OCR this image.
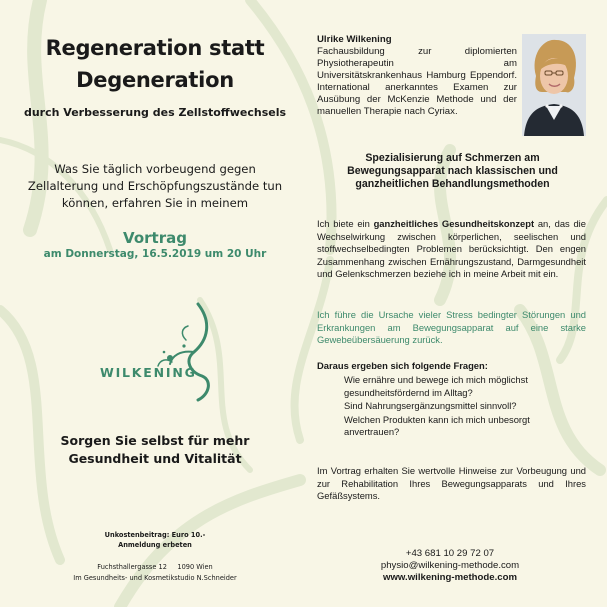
Regeneration statt Degeneration
durch Verbesserung des Zellstoffwechsels
Was Sie täglich vorbeugend gegen Zellalterung und Erschöpfungszustände tun können, erfahren Sie in meinem
Vortrag
am Donnerstag, 16.5.2019 um 20 Uhr
WILKENING
Sorgen Sie selbst für mehr Gesundheit und Vitalität
Unkostenbeitrag: Euro 10.-
Anmeldung erbeten
Fuchsthallergasse 12     1090 Wien
Im Gesundheits- und Kosmetikstudio N.Schneider
Ulrike Wilkening
Fachausbildung zur diplomierten Physiotherapeutin am Universitätskrankenhaus Hamburg Eppendorf. International anerkanntes Examen zur Ausübung der McKenzie Methode und der manuellen Therapie nach Cyriax.
Spezialisierung auf Schmerzen am Bewegungsapparat nach klassischen und ganzheitlichen Behandlungsmethoden
Ich biete ein ganzheitliches Gesundheitskonzept an, das die Wechselwirkung zwischen körperlichen, seelischen und stoffwechselbedingten Problemen berücksichtigt. Den engen Zusammenhang zwischen Ernährungszustand, Darmgesundheit und Gelenkschmerzen beziehe ich in meine Arbeit mit ein.
Ich führe die Ursache vieler Stress bedingter Störungen und Erkrankungen am Bewegungsapparat auf eine starke Gewebeübersäuerung zurück.
Daraus ergeben sich folgende Fragen:
Wie ernähre und bewege ich mich möglichst gesundheitsfördernd im Alltag?
Sind Nahrungsergänzungsmittel sinnvoll?
Welchen Produkten kann ich mich unbesorgt anvertrauen?
Im Vortrag erhalten Sie wertvolle Hinweise zur Vorbeugung und zur Rehabilitation Ihres Bewegungsapparats und Ihres Gefäßsystems.
+43 681 10 29 72 07
physio@wilkening-methode.com
www.wilkening-methode.com
